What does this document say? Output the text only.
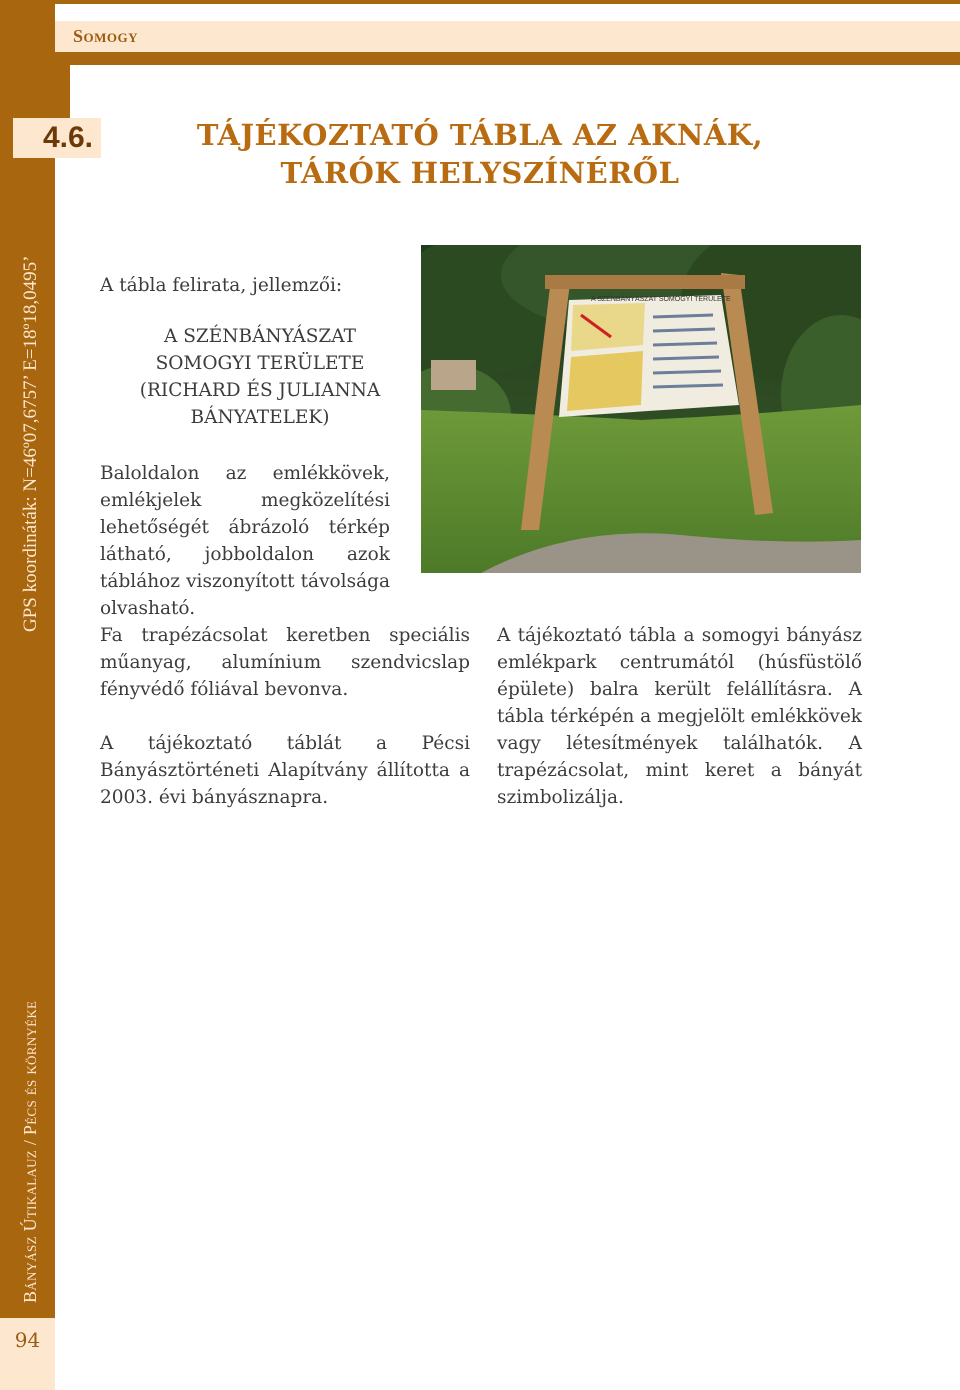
GPS koordináták: N=46º07,6757’ E=18º18,0495’
Bányász Útikalauz / Pécs és környéke
94
Somogy
4.6.	TÁJÉKOZTATÓ TÁBLA AZ AKNÁK,
TÁRÓK HELYSZÍNÉRŐL

A tábla felirata, jellemzői:

A SZÉNBÁNYÁSZAT
SOMOGYI TERÜLETE
(RICHARD ÉS JULIANNA
BÁNYATELEK)

Baloldalon az emlékkövek, emlékjelek megközelítési lehetőségét ábrázoló térkép látható, jobboldalon azok táblához viszonyított távolsága olvasható.

Fa trapézácsolat keretben speciális műanyag, alumínium szendvicslap fényvédő fóliával bevonva.

A tájékoztató táblát a Pécsi Bányásztörténeti Alapítvány állította a 2003. évi bányásznapra.

A tájékoztató tábla a somogyi bányász emlékpark centrumától (húsfüstölő épülete) balra került felállításra. A tábla térképén a megjelölt emlékkövek vagy létesítmények találhatók. A trapézácsolat, mint keret a bányát szimbolizálja.

A SZÉNBÁNYÁSZAT SOMOGYI TERÜLETE
